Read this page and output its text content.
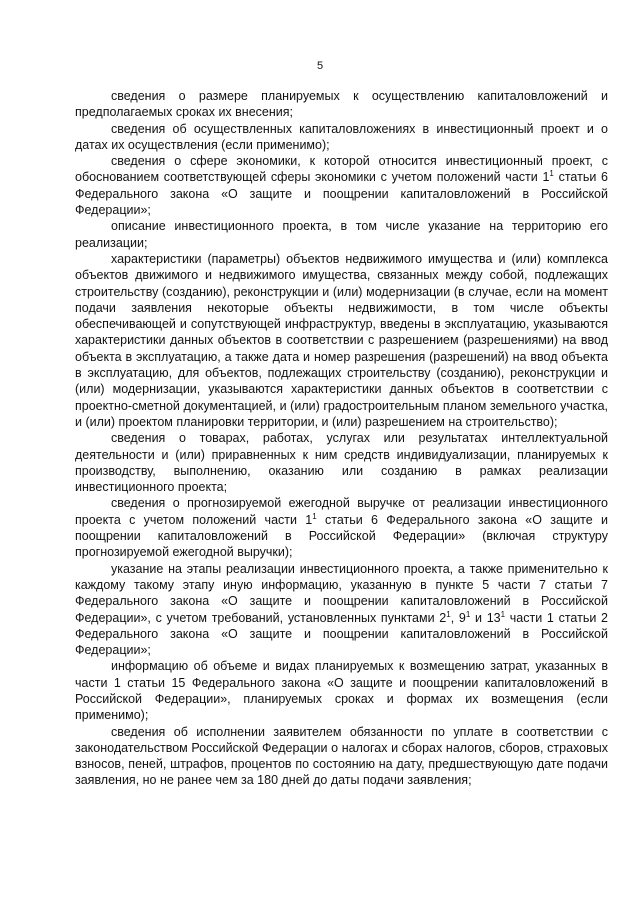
5

сведения о размере планируемых к осуществлению капиталовложений и предполагаемых сроках их внесения;

сведения об осуществленных капиталовложениях в инвестиционный проект и о датах их осуществления (если применимо);

сведения о сфере экономики, к которой относится инвестиционный проект, с обоснованием соответствующей сферы экономики с учетом положений части $1^1$ статьи 6 Федерального закона «О защите и поощрении капиталовложений в Российской Федерации»;

описание инвестиционного проекта, в том числе указание на территорию его реализации;

характеристики (параметры) объектов недвижимого имущества и (или) комплекса объектов движимого и недвижимого имущества, связанных между собой, подлежащих строительству (созданию), реконструкции и (или) модернизации (в случае, если на момент подачи заявления некоторые объекты недвижимости, в том числе объекты обеспечивающей и сопутствующей инфраструктур, введены в эксплуатацию, указываются характеристики данных объектов в соответствии с разрешением (разрешениями) на ввод объекта в эксплуатацию, а также дата и номер разрешения (разрешений) на ввод объекта в эксплуатацию, для объектов, подлежащих строительству (созданию), реконструкции и (или) модернизации, указываются характеристики данных объектов в соответствии с проектно-сметной документацией, и (или) градостроительным планом земельного участка, и (или) проектом планировки территории, и (или) разрешением на строительство);

сведения о товарах, работах, услугах или результатах интеллектуальной деятельности и (или) приравненных к ним средств индивидуализации, планируемых к производству, выполнению, оказанию или созданию в рамках реализации инвестиционного проекта;

сведения о прогнозируемой ежегодной выручке от реализации инвестиционного проекта с учетом положений части $1^1$ статьи 6 Федерального закона «О защите и поощрении капиталовложений в Российской Федерации» (включая структуру прогнозируемой ежегодной выручки);

указание на этапы реализации инвестиционного проекта, а также применительно к каждому такому этапу иную информацию, указанную в пункте 5 части 7 статьи 7 Федерального закона «О защите и поощрении капиталовложений в Российской Федерации», с учетом требований, установленных пунктами $2^1$, $9^1$ и $13^1$ части 1 статьи 2 Федерального закона «О защите и поощрении капиталовложений в Российской Федерации»;

информацию об объеме и видах планируемых к возмещению затрат, указанных в части 1 статьи 15 Федерального закона «О защите и поощрении капиталовложений в Российской Федерации», планируемых сроках и формах их возмещения (если применимо);

сведения об исполнении заявителем обязанности по уплате в соответствии с законодательством Российской Федерации о налогах и сборах налогов, сборов, страховых взносов, пеней, штрафов, процентов по состоянию на дату, предшествующую дате подачи заявления, но не ранее чем за 180 дней до даты подачи заявления;
